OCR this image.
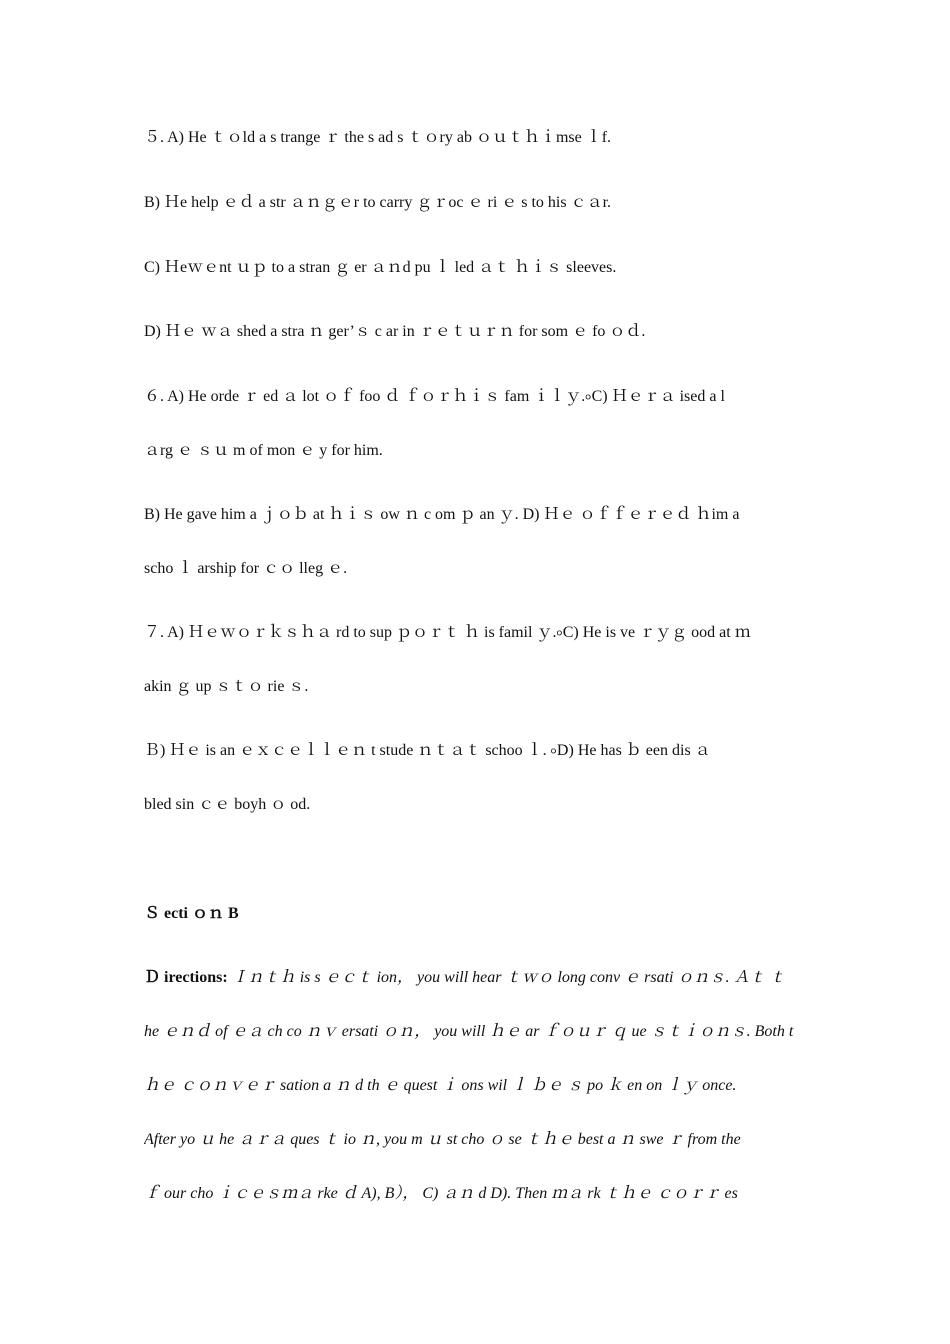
５. A) He ｔｏld a s trange ｒ the s ad s ｔｏry ab ｏｕｔｈｉmse ｌf.
B) Ｈe help ｅｄ a str ａｎｇｅr to carry ｇｒoc ｅ ri ｅ s to his ｃａr.
C) Ｈeｗｅnt ｕｐ to a stran ｇ er ａｎd pu ｌ led ａｔ ｈｉｓ sleeves.
D) Ｈｅ ｗａ shed a stra ｎ ger’ｓ c ar in ｒｅｔｕｒｎ for som ｅ fo ｏｄ.
６. A) He orde ｒ ed ａ lot ｏｆ foo ｄ ｆｏｒｈｉｓ fam ｉｌｙ.৹C) Ｈｅｒａ ised a l
ａrg ｅ ｓｕ m of mon ｅ y for him.
B) He gave him a ｊｏｂ at ｈｉｓ ow ｎ c om ｐ an ｙ. D) Ｈｅ ｏｆｆｅｒｅｄ ｈim a
scho ｌ arship for ｃｏ lleg ｅ.
７. A) Ｈｅｗｏｒｋｓｈａ rd to sup ｐｏｒｔ ｈ is famil ｙ.৹C) He is ve ｒｙｇ ood at ｍ
akin ｇ up ｓｔｏ rie ｓ.
Ｂ) Ｈｅ is an ｅｘｃｅｌｌｅｎ t stude ｎｔａｔ schoo ｌ. ৹D) He has ｂ een dis ａ
bled sin ｃｅ boyh ｏ od.
Ｓ ecti ｏｎ B
Ｄ irections: Ｉｎｔｈ is s ｅｃｔ ion， you will hear ｔｗｏ long conv ｅ rsati ｏｎｓ. Ａｔ ｔ
he ｅｎｄ of ｅａ ch co ｎｖ ersati ｏｎ， you will ｈｅ ar ｆｏｕｒ ｑ ue ｓｔｉｏｎｓ. Both t
ｈｅ ｃｏｎｖｅｒ sation a ｎ d th ｅ quest ｉ ons wil ｌ ｂｅ ｓ po ｋ en on ｌｙ once.
After yo ｕ he ａｒａ ques ｔ io ｎ, you m ｕ st cho ｏ se ｔｈｅ best a ｎ swe ｒ from the
ｆ our cho ｉｃｅｓｍａ rke ｄ A), B）， C) ａｎ d D). Then ｍａ rk ｔｈｅ ｃｏｒｒ es
